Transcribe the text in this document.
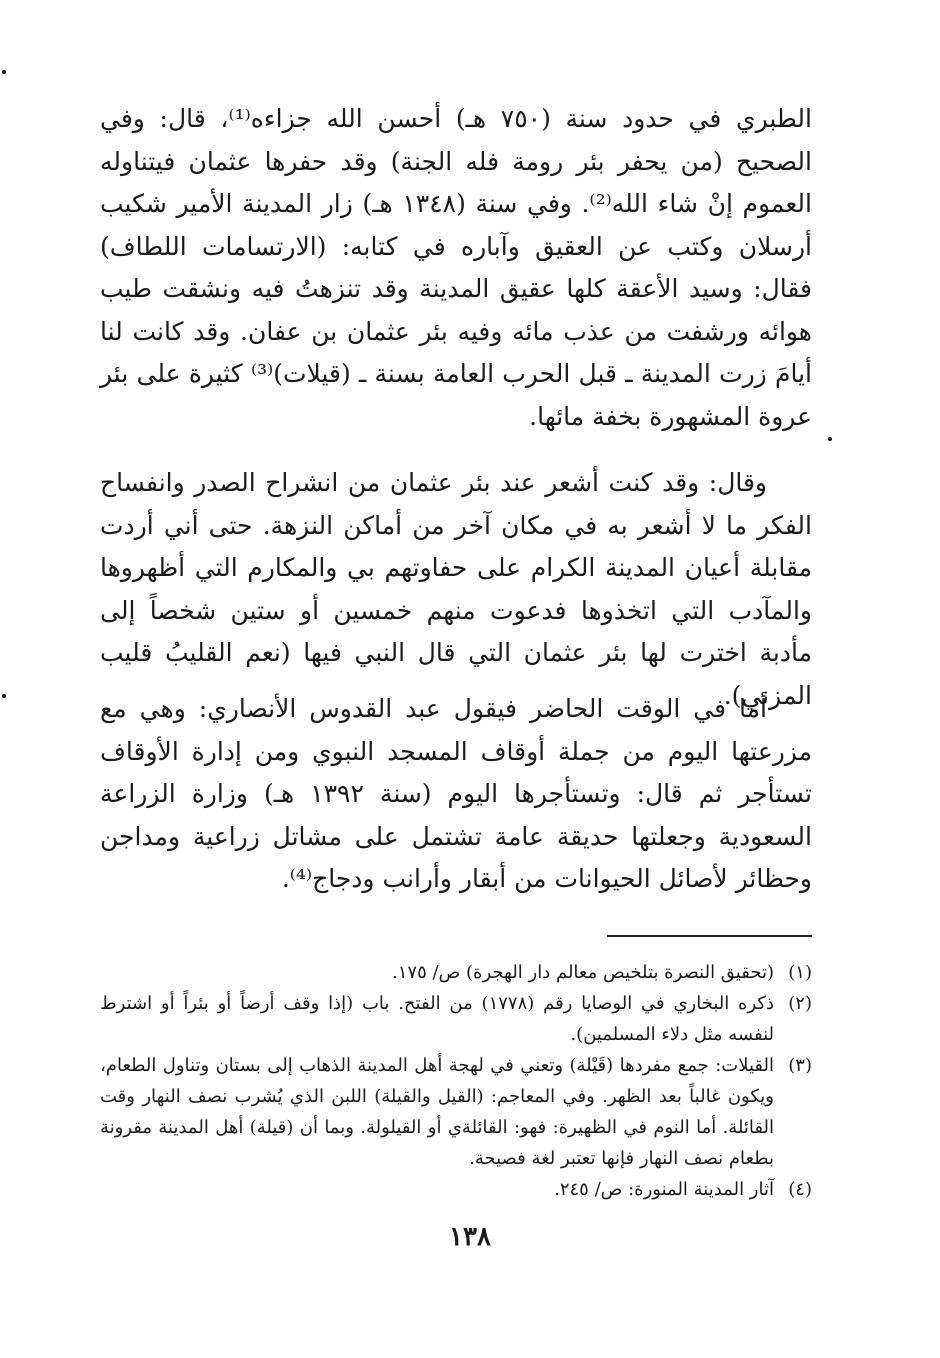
الطبري في حدود سنة (٧٥٠ هـ) أحسن الله جزاءه⁽¹⁾، قال: وفي الصحيح (من يحفر بئر رومة فله الجنة) وقد حفرها عثمان فيتناوله العموم إنْ شاء الله⁽²⁾. وفي سنة (١٣٤٨ هـ) زار المدينة الأمير شكيب أرسلان وكتب عن العقيق وآباره في كتابه: (الارتسامات اللطاف) فقال: وسيد الأعقة كلها عقيق المدينة وقد تنزهتُ فيه ونشقت طيب هوائه ورشفت من عذب مائه وفيه بئر عثمان بن عفان. وقد كانت لنا أيامَ زرت المدينة ـ قبل الحرب العامة بسنة ـ (قيلات)⁽³⁾ كثيرة على بئر عروة المشهورة بخفة مائها.

وقال: وقد كنت أشعر عند بئر عثمان من انشراح الصدر وانفساح الفكر ما لا أشعر به في مكان آخر من أماكن النزهة. حتى أني أردت مقابلة أعيان المدينة الكرام على حفاوتهم بي والمكارم التي أظهروها والمآدب التي اتخذوها فدعوت منهم خمسين أو ستين شخصاً إلى مأدبة اخترت لها بئر عثمان التي قال النبي فيها (نعم القليبُ قليب المزني).

أما في الوقت الحاضر فيقول عبد القدوس الأنصاري: وهي مع مزرعتها اليوم من جملة أوقاف المسجد النبوي ومن إدارة الأوقاف تستأجر ثم قال: وتستأجرها اليوم (سنة ١٣٩٢ هـ) وزارة الزراعة السعودية وجعلتها حديقة عامة تشتمل على مشاتل زراعية ومداجن وحظائر لأصائل الحيوانات من أبقار وأرانب ودجاج⁽⁴⁾.

(١)
(تحقيق النصرة بتلخيص معالم دار الهجرة) ص/ ١٧٥.
(٢)
ذكره البخاري في الوصايا رقم (١٧٧٨) من الفتح. باب (إذا وقف أرضاً أو بئراً أو اشترط لنفسه مثل دلاء المسلمين).
(٣)
القيلات: جمع مفردها (قَيْلة) وتعني في لهجة أهل المدينة الذهاب إلى بستان وتناول الطعام، ويكون غالباً بعد الظهر. وفي المعاجم: (القيل والقيلة) اللبن الذي يُشرب نصف النهار وقت القائلة. أما النوم في الظهيرة: فهو: القائلةي أو القيلولة. وبما أن (قيلة) أهل المدينة مقرونة بطعام نصف النهار فإنها تعتبر لغة فصيحة.
(٤)
آثار المدينة المنورة: ص/ ٢٤٥.
١٣٨
